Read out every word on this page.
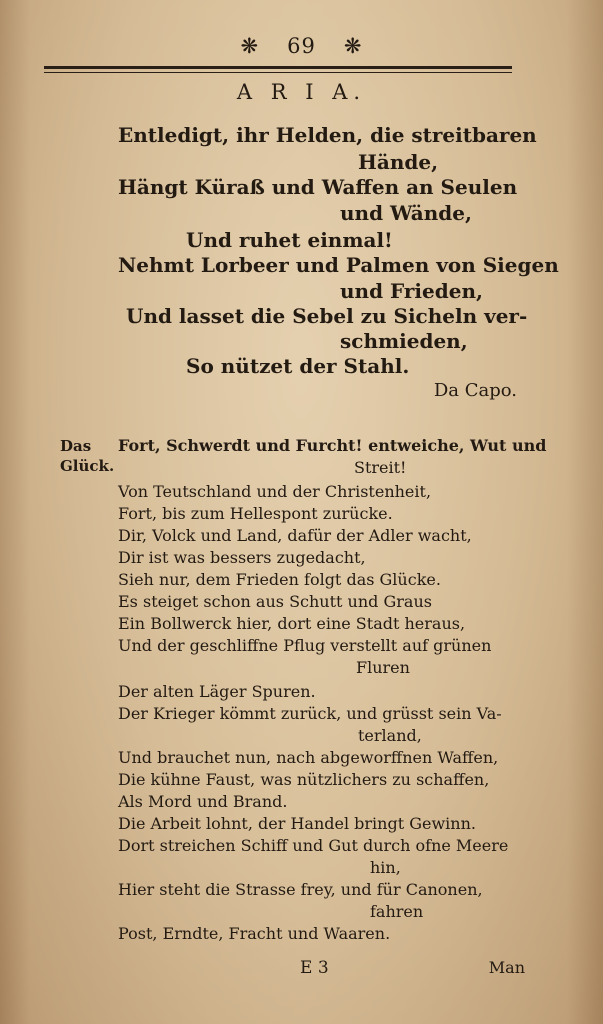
❋ 69 ❋
A R I A.
Entledigt, ihr Helden, die streitbaren
Hände,
Hängt Küraß und Waffen an Seulen
und Wände,
Und ruhet einmal!
Nehmt Lorbeer und Palmen von Siegen
und Frieden,
Und lasset die Sebel zu Sicheln ver-
schmieden,
So nützet der Stahl.
Da Capo.
Das
Glück.
Fort, Schwerdt und Furcht! entweiche, Wut und
Streit!
Von Teutschland und der Christenheit,
Fort, bis zum Hellespont zurücke.
Dir, Volck und Land, dafür der Adler wacht,
Dir ist was bessers zugedacht,
Sieh nur, dem Frieden folgt das Glücke.
Es steiget schon aus Schutt und Graus
Ein Bollwerck hier, dort eine Stadt heraus,
Und der geschliffne Pflug verstellt auf grünen
Fluren
Der alten Läger Spuren.
Der Krieger kömmt zurück, und grüsst sein Va-
terland,
Und brauchet nun, nach abgeworffnen Waffen,
Die kühne Faust, was nützlichers zu schaffen,
Als Mord und Brand.
Die Arbeit lohnt, der Handel bringt Gewinn.
Dort streichen Schiff und Gut durch ofne Meere
hin,
Hier steht die Strasse frey, und für Canonen,
fahren
Post, Erndte, Fracht und Waaren.
E 3	Man
